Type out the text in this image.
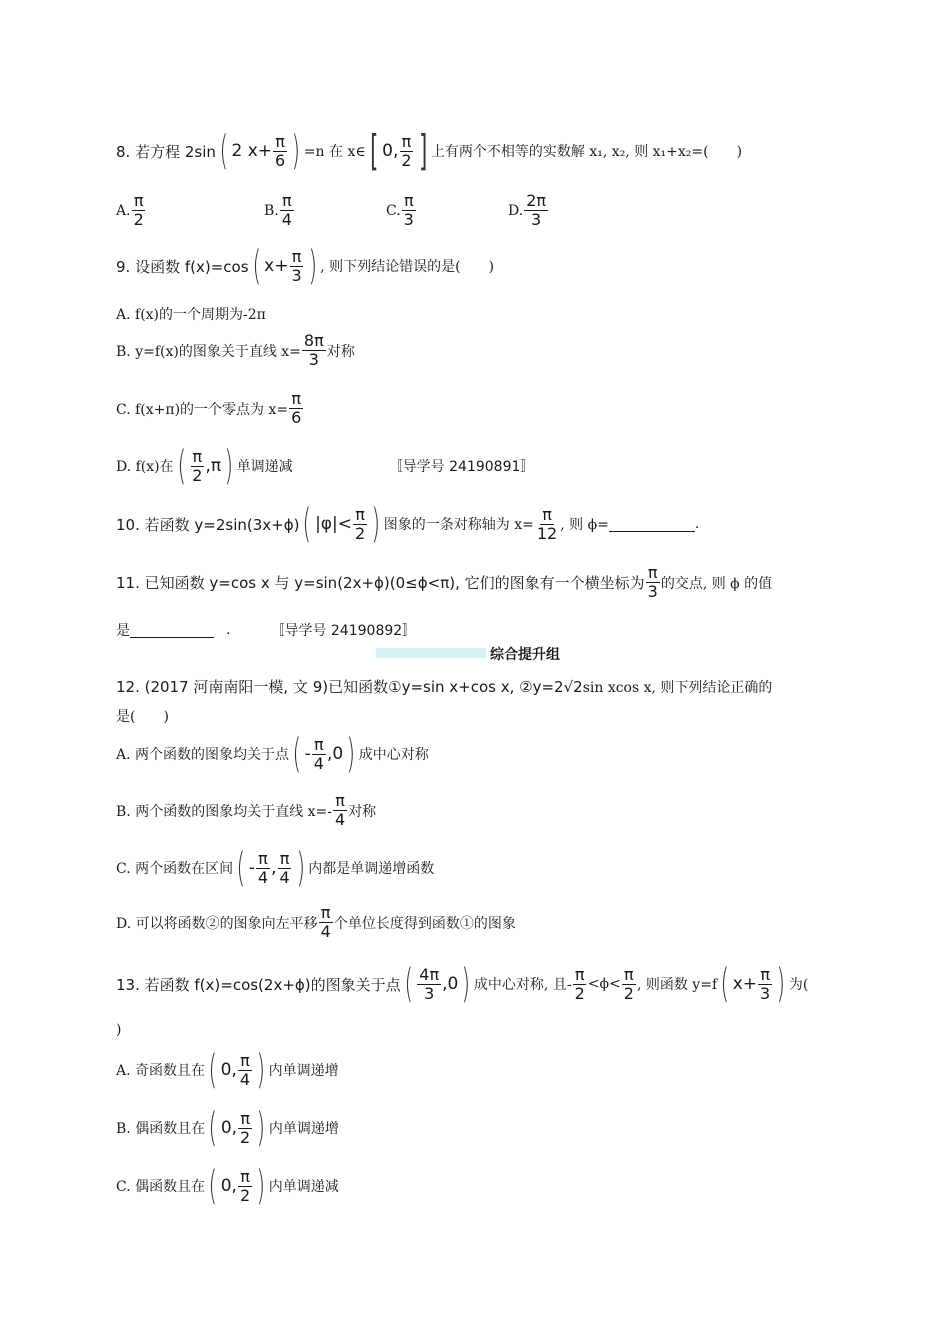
8. 若方程 2sin ( 2 $x+ \frac{\pi}{6}$ ) =n 在 x∈ [ 0, $\frac{\pi}{2}$ ] 上有两个不相等的实数解 x₁, x₂, 则 x₁+x₂=(　　)
A. $\frac{\pi}{2}$	B. $\frac{\pi}{4}$	C. $\frac{\pi}{3}$	D. $\frac{2\pi}{3}$
9. 设函数 f(x)=cos ( $x+ \frac{\pi}{3}$ ) , 则下列结论错误的是(　　)
A. f(x)的一个周期为-2π
B. y=f(x)的图象关于直线 $x= \frac{8\pi}{3}$ 对称
C. f(x+π)的一个零点为 $x= \frac{\pi}{6}$
D. f(x)在 ( $\frac{\pi}{2} ,\pi$ ) 单调递减	〚导学号 24190891〛
10. 若函数 y=2sin(3x+ϕ) ( $|\varphi|< \frac{\pi}{2}$ ) 图象的一条对称轴为 $x= \frac{\pi}{12}$ , 则 ϕ=	.
11. 已知函数 y=cos x 与 y=sin(2x+ϕ)(0≤ϕ<π), 它们的图象有一个横坐标为 $\frac{\pi}{3}$ 的交点, 则 ϕ 的值
是	.	〚导学号 24190892〛
综合提升组
12. (2017 河南南阳一模, 文 9)已知函数①y=sin x+cos x, ②y=2 √2 sin xcos x, 则下列结论正确的
是(　　)
A. 两个函数的图象均关于点 ( - $\frac{\pi}{4} ,0$ ) 成中心对称
B. 两个函数的图象均关于直线 $x=- \frac{\pi}{4}$ 对称
C. 两个函数在区间 ( - $\frac{\pi}{4}$ , $\frac{\pi}{4}$ ) 内都是单调递增函数
D. 可以将函数②的图象向左平移 $\frac{\pi}{4}$ 个单位长度得到函数①的图象
13. 若函数 f(x)=cos(2x+ϕ)的图象关于点 ( $\frac{4\pi}{3} ,0$ ) 成中心对称, 且- $\frac{\pi}{2} <\phi< \frac{\pi}{2}$ , 则函数 y=f ( $x+ \frac{\pi}{3}$ ) 为(
)
A. 奇函数且在 ( 0, $\frac{\pi}{4}$ ) 内单调递增
B. 偶函数且在 ( 0, $\frac{\pi}{2}$ ) 内单调递增
C. 偶函数且在 ( 0, $\frac{\pi}{2}$ ) 内单调递减
